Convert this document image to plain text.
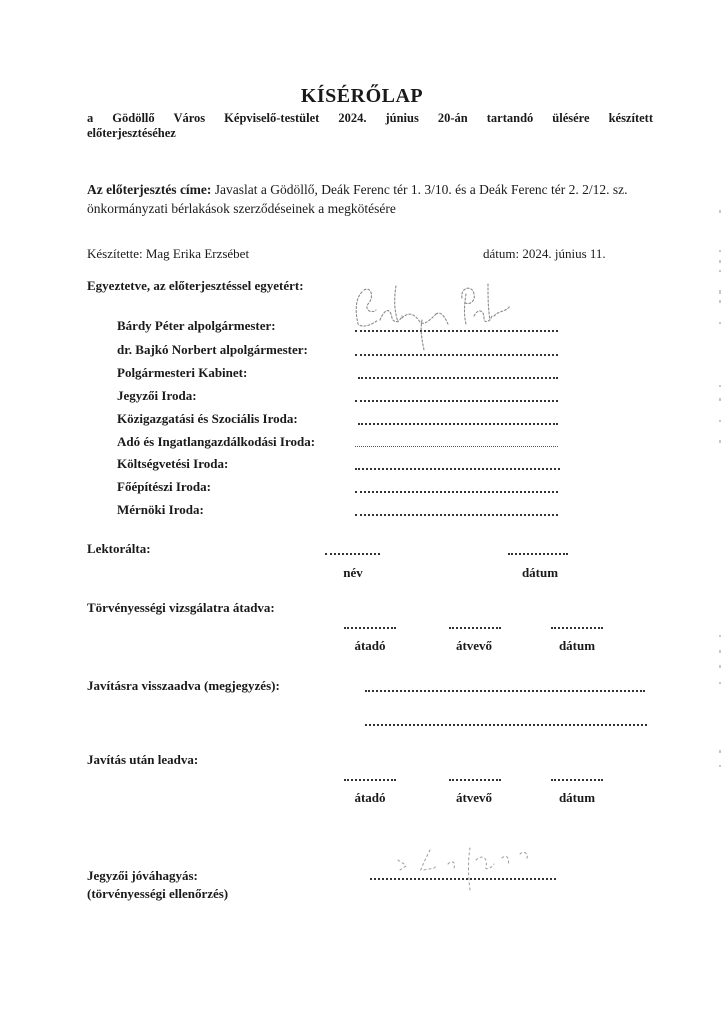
KÍSÉRŐLAP
a Gödöllő Város Képviselő-testület 2024. június 20-án tartandó ülésére készített
előterjesztéséhez
Az előterjesztés címe: Javaslat a Gödöllő, Deák Ferenc tér 1. 3/10. és a Deák Ferenc tér 2. 2/12. sz. önkormányzati bérlakások szerződéseinek a megkötésére
Készítette: Mag Erika Erzsébet	dátum: 2024. június 11.
Egyeztetve, az előterjesztéssel egyetért:
Bárdy Péter alpolgármester:
dr. Bajkó Norbert alpolgármester:
Polgármesteri Kabinet:
Jegyzői Iroda:
Közigazgatási és Szociális Iroda:
Adó és Ingatlangazdálkodási Iroda:
Költségvetési Iroda:
Főépítészi Iroda:
Mérnöki Iroda:
Lektorálta:
név	dátum
Törvényességi vizsgálatra átadva:
átadó	átvevő	dátum
Javításra visszaadva (megjegyzés):
Javítás után leadva:
átadó	átvevő	dátum
Jegyzői jóváhagyás:
(törvényességi ellenőrzés)
